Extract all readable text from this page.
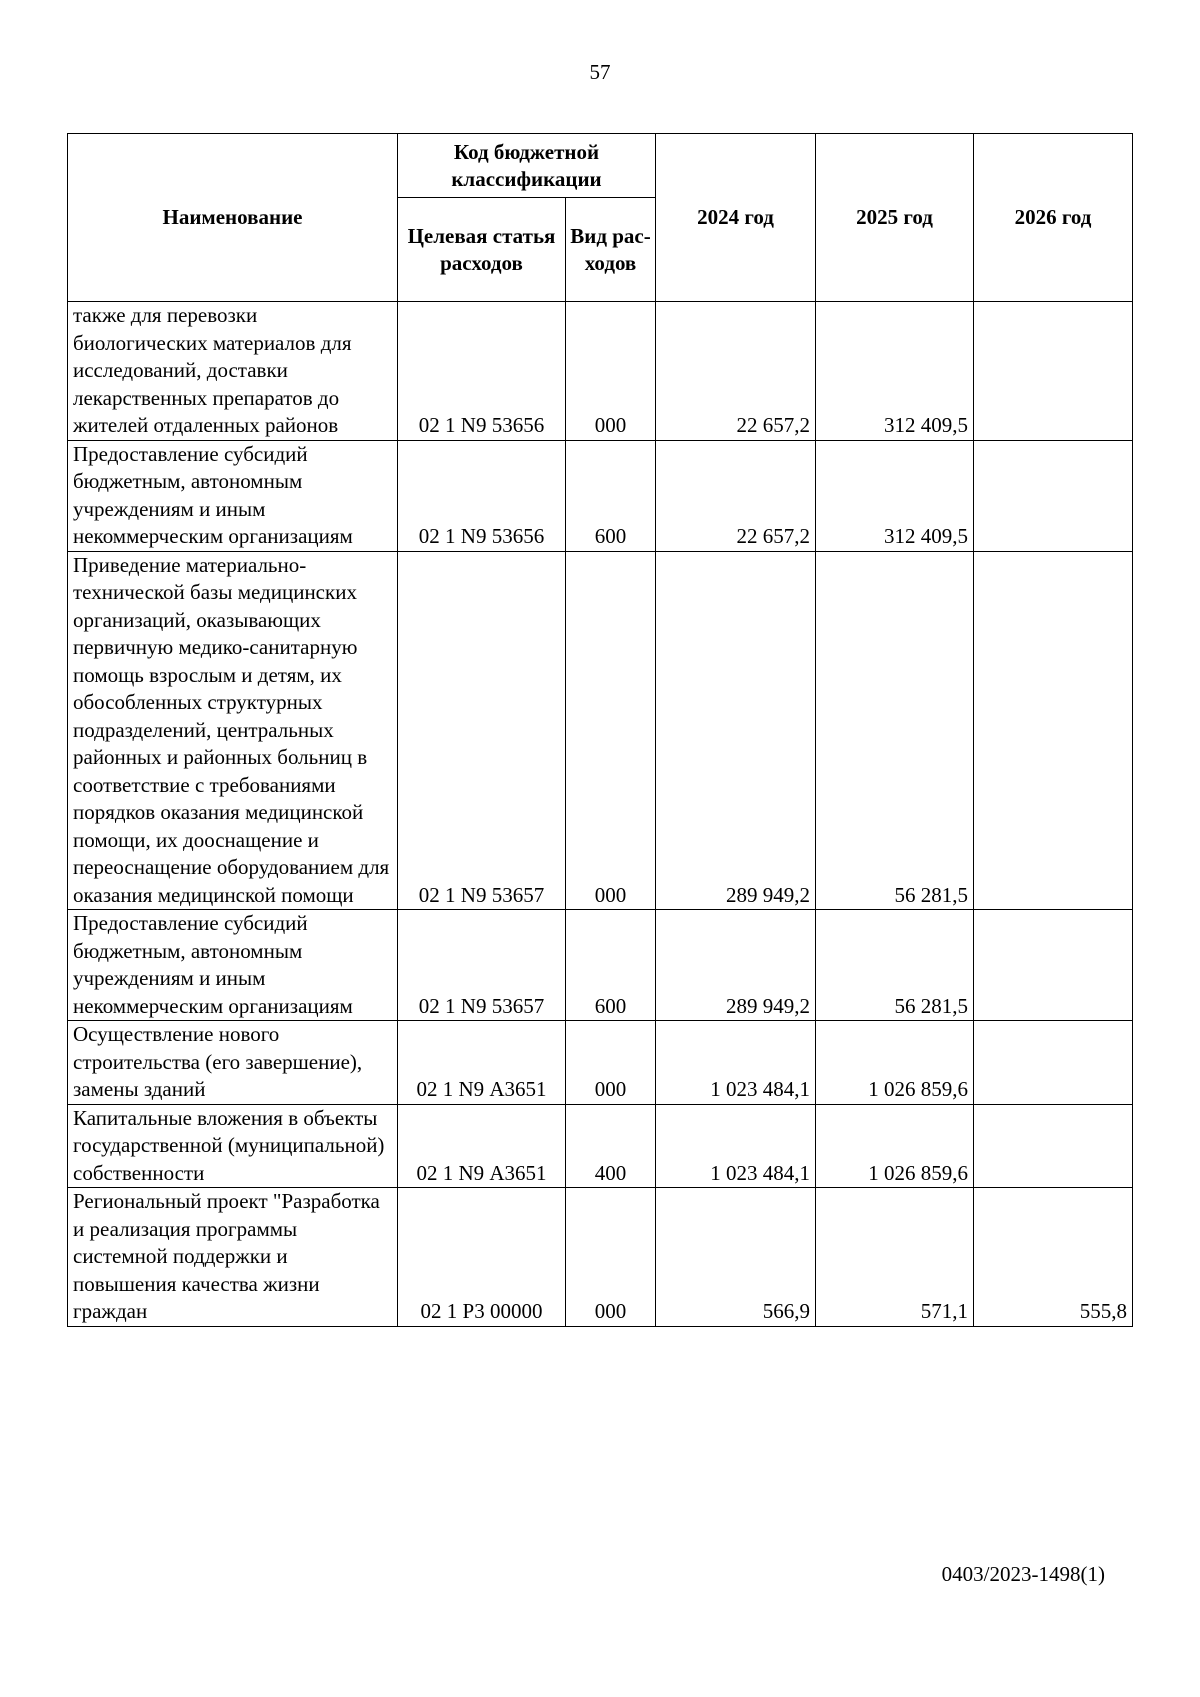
57
Наименование	Код бюджетной классификации		2024 год	2025 год	2026 год
	Целевая статья расходов	Вид рас-ходов			
также для перевозки биологических материалов для исследований, доставки лекарственных препаратов до жителей отдаленных районов	02 1 N9 53656	000	22 657,2	312 409,5	
Предоставление субсидий бюджетным, автономным учреждениям и иным некоммерческим организациям	02 1 N9 53656	600	22 657,2	312 409,5	
Приведение материально-технической базы медицинских организаций, оказывающих первичную медико-санитарную помощь взрослым и детям, их обособленных структурных подразделений, центральных районных и районных больниц в соответствие с требованиями порядков оказания медицинской помощи, их дооснащение и переоснащение оборудованием для оказания медицинской помощи	02 1 N9 53657	000	289 949,2	56 281,5	
Предоставление субсидий бюджетным, автономным учреждениям и иным некоммерческим организациям	02 1 N9 53657	600	289 949,2	56 281,5	
Осуществление нового строительства (его завершение), замены зданий	02 1 N9 А3651	000	1 023 484,1	1 026 859,6	
Капитальные вложения в объекты государственной (муниципальной) собственности	02 1 N9 А3651	400	1 023 484,1	1 026 859,6	
Региональный проект "Разработка и реализация программы системной поддержки и повышения качества жизни граждан	02 1 Р3 00000	000	566,9	571,1	555,8
0403/2023-1498(1)
